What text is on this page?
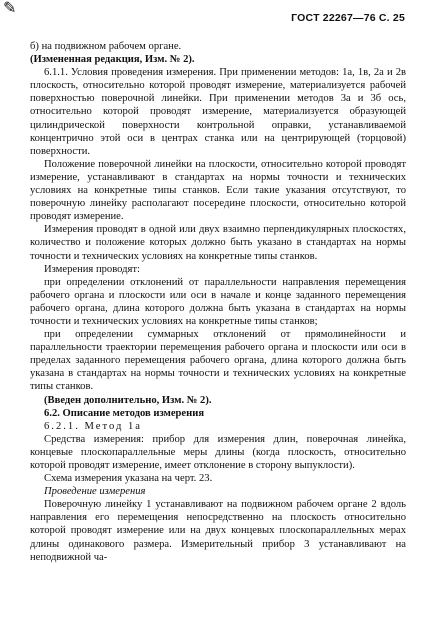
✎
ГОСТ 22267—76 С. 25

б) на подвижном рабочем органе.

(Измененная редакция, Изм. № 2).

6.1.1. Условия проведения измерения. При применении методов: 1а, 1в, 2а и 2в плоскость, относительно которой проводят измерение, материализуется рабочей поверхностью поверочной линейки. При применении методов 3а и 3б ось, относительно которой проводят измерение, материализуется образующей цилиндрической поверхности контрольной оправки, устанавливаемой концентрично этой оси в центрах станка или на центрирующей (торцовой) поверхности.

Положение поверочной линейки на плоскости, относительно которой проводят измерение, устанавливают в стандартах на нормы точности и технических условиях на конкретные типы станков. Если такие указания отсутствуют, то поверочную линейку располагают посередине плоскости, относительно которой проводят измерение.

Измерения проводят в одной или двух взаимно перпендикулярных плоскостях, количество и положение которых должно быть указано в стандартах на нормы точности и технических условиях на конкретные типы станков.

Измерения проводят:

при определении отклонений от параллельности направления перемещения рабочего органа и плоскости или оси в начале и конце заданного перемещения рабочего органа, длина которого должна быть указана в стандартах на нормы точности и технических условиях на конкретные типы станков;

при определении суммарных отклонений от прямолинейности и параллельности траектории перемещения рабочего органа и плоскости или оси в пределах заданного перемещения рабочего органа, длина которого должна быть указана в стандартах на нормы точности и технических условиях на конкретные типы станков.

(Введен дополнительно, Изм. № 2).

6.2. Описание методов измерения

6.2.1. Метод 1а

Средства измерения: прибор для измерения длин, поверочная линейка, концевые плоскопараллельные меры длины (когда плоскость, относительно которой проводят измерение, имеет отклонение в сторону выпуклости).

Схема измерения указана на черт. 23.

Проведение измерения

Поверочную линейку 1 устанавливают на подвижном рабочем органе 2 вдоль направления его перемещения непосредственно на плоскость относительно которой проводят измерение или на двух концевых плоскопараллельных мерах длины одинакового размера. Измерительный прибор 3 устанавливают на неподвижной ча-
